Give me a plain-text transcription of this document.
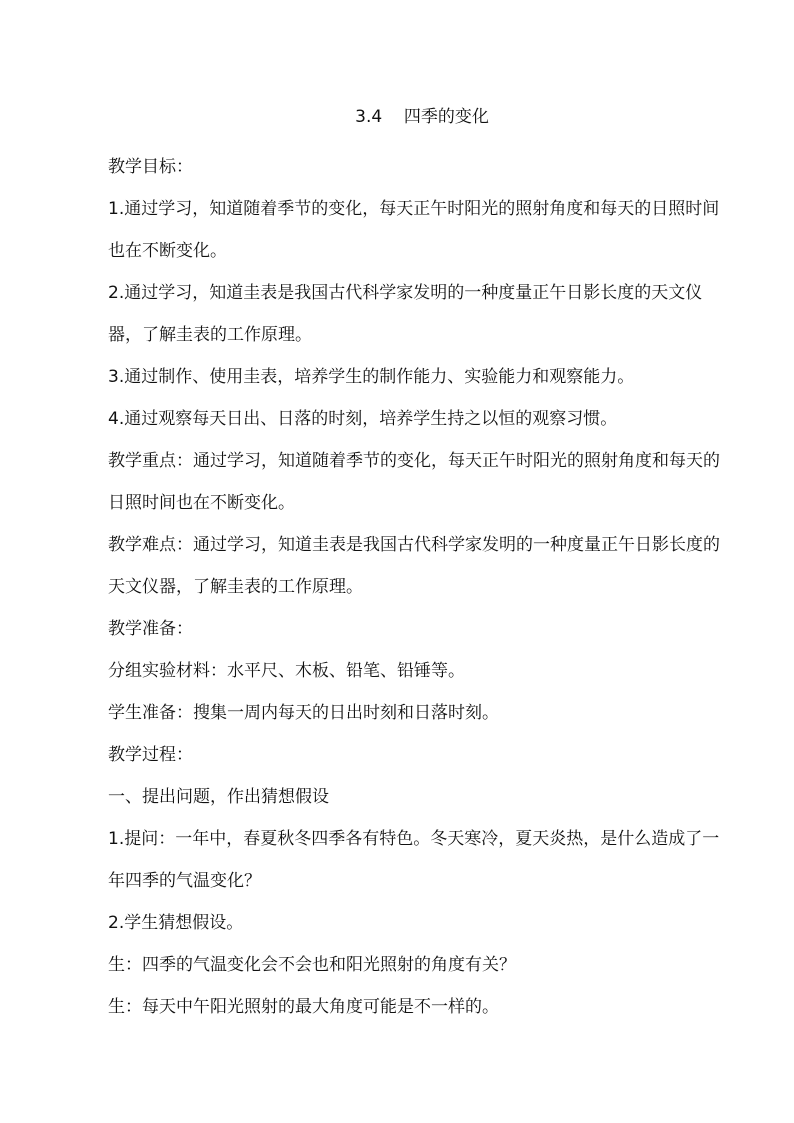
3.4    四季的变化

教学目标：

1.通过学习，知道随着季节的变化，每天正午时阳光的照射角度和每天的日照时间也在不断变化。

2.通过学习，知道圭表是我国古代科学家发明的一种度量正午日影长度的天文仪器，了解圭表的工作原理。

3.通过制作、使用圭表，培养学生的制作能力、实验能力和观察能力。

4.通过观察每天日出、日落的时刻，培养学生持之以恒的观察习惯。

教学重点：通过学习，知道随着季节的变化，每天正午时阳光的照射角度和每天的日照时间也在不断变化。

教学难点：通过学习，知道圭表是我国古代科学家发明的一种度量正午日影长度的天文仪器，了解圭表的工作原理。

教学准备：

分组实验材料：水平尺、木板、铅笔、铅锤等。

学生准备：搜集一周内每天的日出时刻和日落时刻。

教学过程：

一、提出问题，作出猜想假设

1.提问：一年中，春夏秋冬四季各有特色。冬天寒冷，夏天炎热，是什么造成了一年四季的气温变化？

2.学生猜想假设。

生：四季的气温变化会不会也和阳光照射的角度有关？

生：每天中午阳光照射的最大角度可能是不一样的。
